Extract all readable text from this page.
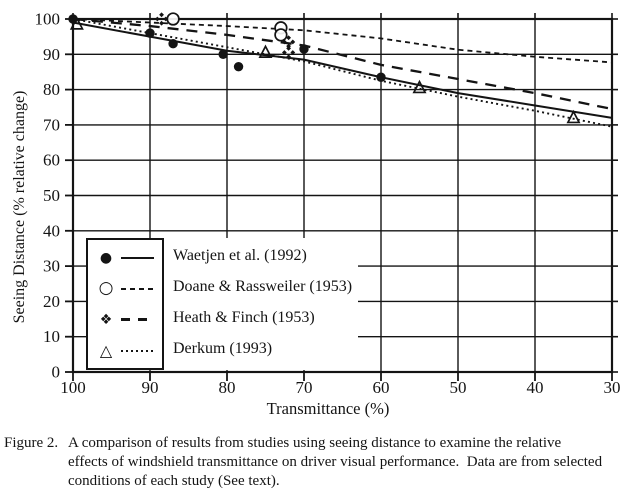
100	90	80	70	60	50	40	30
0
10
20
30
40
50
60
70
80
90
100
Transmittance (%)
Seeing Distance (% relative change)	●
○
❖
△
Waetjen et al. (1992)
Doane & Rassweiler (1953)
Heath & Finch (1953)
Derkum (1993)
Figure 2. A comparison of results from studies using seeing distance to examine the relative
effects of windshield transmittance on driver visual performance.  Data are from selected
conditions of each study (See text).
